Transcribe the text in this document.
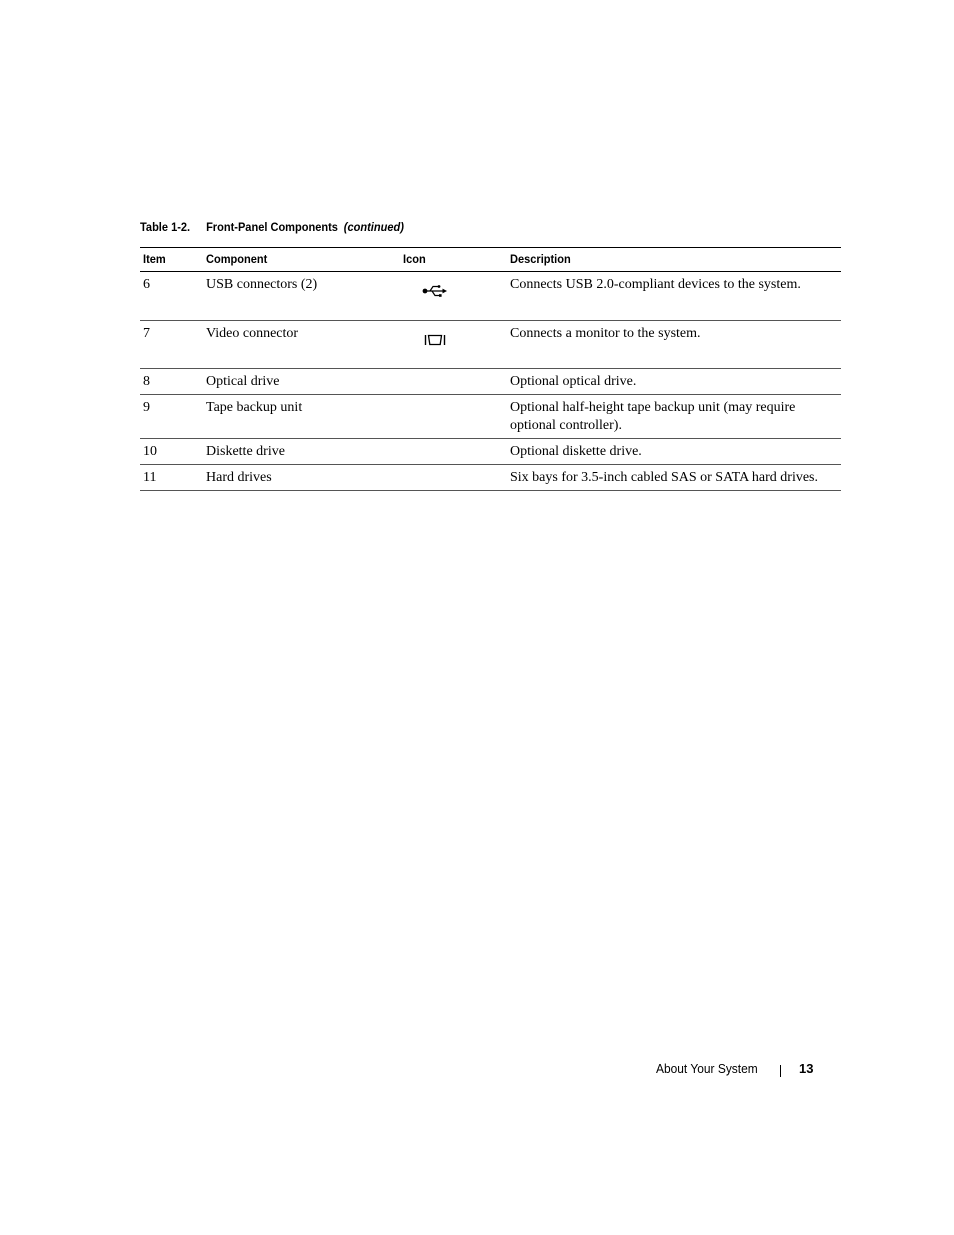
Table 1-2. Front-Panel Components (continued)
Item	Component	Icon	Description
6	USB connectors (2)		Connects USB 2.0-compliant devices to the system.
7	Video connector		Connects a monitor to the system.
8	Optical drive		Optional optical drive.
9	Tape backup unit		Optional half-height tape backup unit (may require optional controller).
10	Diskette drive		Optional diskette drive.
11	Hard drives		Six bays for 3.5-inch cabled SAS or SATA hard drives.
About Your System	13
